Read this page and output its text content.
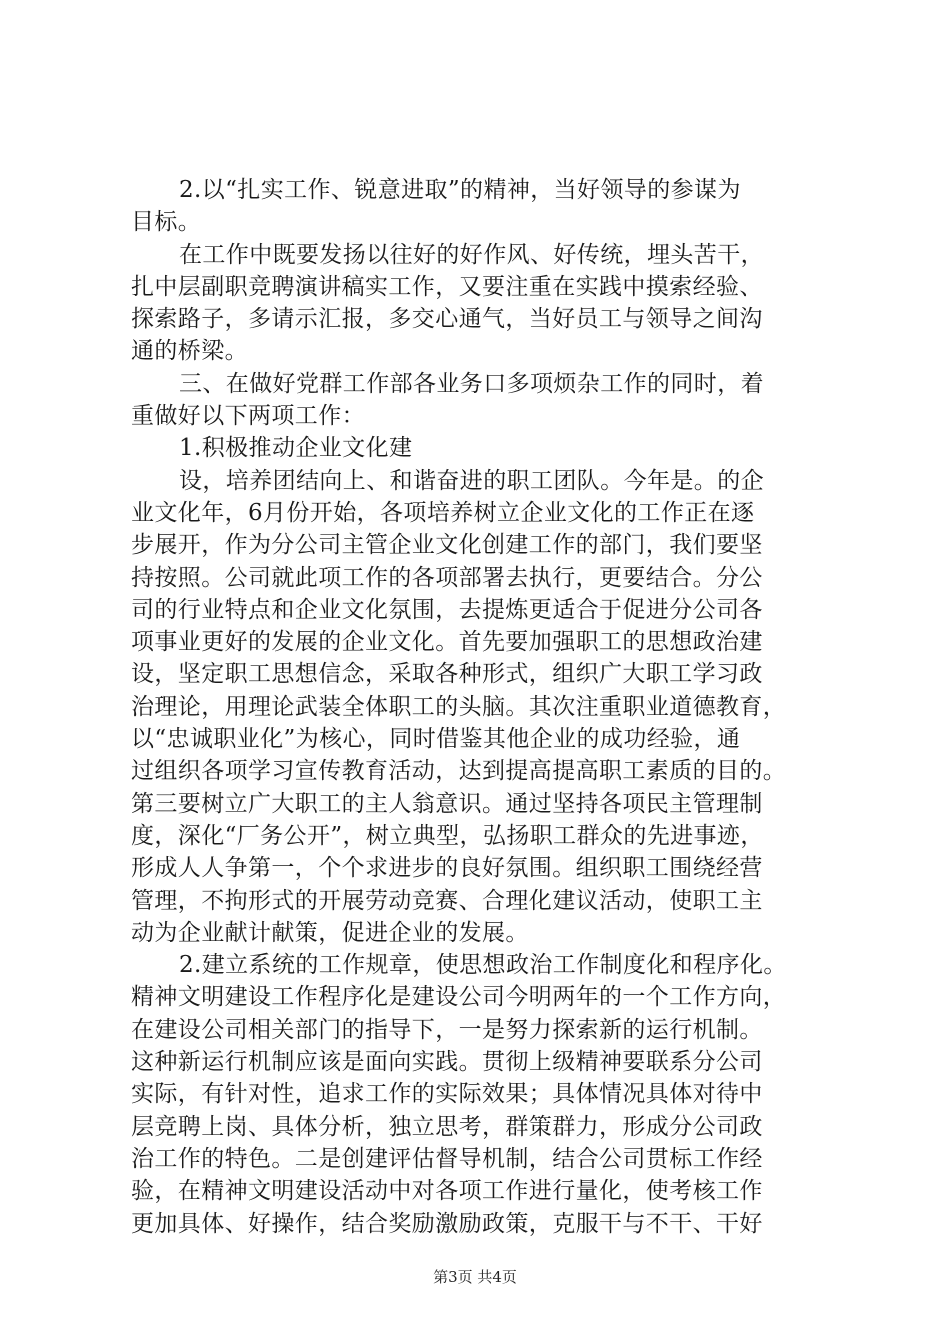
2.以“扎实工作、锐意进取”的精神，当好领导的参谋为
目标。
在工作中既要发扬以往好的好作风、好传统，埋头苦干，
扎中层副职竞聘演讲稿实工作，又要注重在实践中摸索经验、
探索路子，多请示汇报，多交心通气，当好员工与领导之间沟
通的桥梁。
三、在做好党群工作部各业务口多项烦杂工作的同时，着
重做好以下两项工作：
1.积极推动企业文化建
设，培养团结向上、和谐奋进的职工团队。今年是。的企
业文化年，6月份开始，各项培养树立企业文化的工作正在逐
步展开，作为分公司主管企业文化创建工作的部门，我们要坚
持按照。公司就此项工作的各项部署去执行，更要结合。分公
司的行业特点和企业文化氛围，去提炼更适合于促进分公司各
项事业更好的发展的企业文化。首先要加强职工的思想政治建
设，坚定职工思想信念，采取各种形式，组织广大职工学习政
治理论，用理论武装全体职工的头脑。其次注重职业道德教育，
以“忠诚职业化”为核心，同时借鉴其他企业的成功经验，通
过组织各项学习宣传教育活动，达到提高提高职工素质的目的。
第三要树立广大职工的主人翁意识。通过坚持各项民主管理制
度，深化“厂务公开”，树立典型，弘扬职工群众的先进事迹，
形成人人争第一，个个求进步的良好氛围。组织职工围绕经营
管理，不拘形式的开展劳动竞赛、合理化建议活动，使职工主
动为企业献计献策，促进企业的发展。
2.建立系统的工作规章，使思想政治工作制度化和程序化。
精神文明建设工作程序化是建设公司今明两年的一个工作方向，
在建设公司相关部门的指导下，一是努力探索新的运行机制。
这种新运行机制应该是面向实践。贯彻上级精神要联系分公司
实际，有针对性，追求工作的实际效果；具体情况具体对待中
层竞聘上岗、具体分析，独立思考，群策群力，形成分公司政
治工作的特色。二是创建评估督导机制，结合公司贯标工作经
验，在精神文明建设活动中对各项工作进行量化，使考核工作
更加具体、好操作，结合奖励激励政策，克服干与不干、干好
第3页 共4页
